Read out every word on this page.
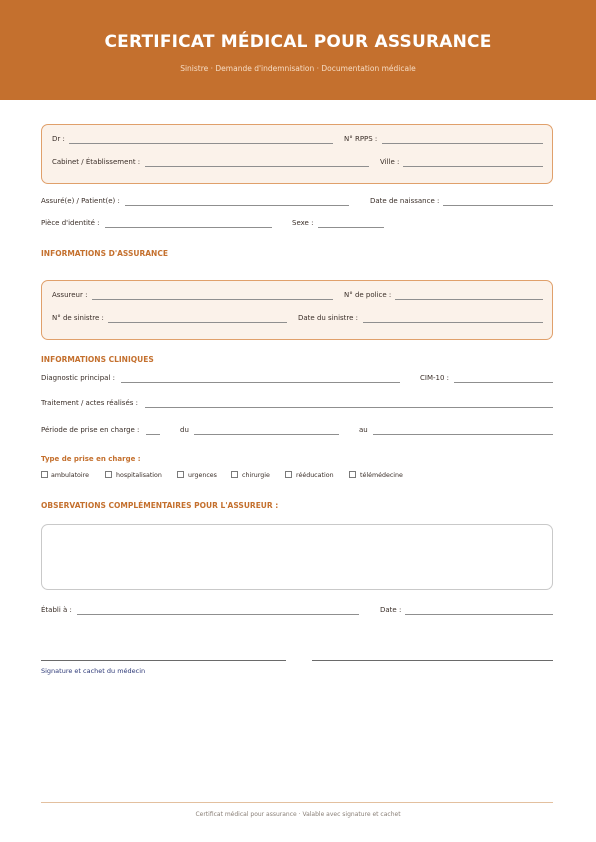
CERTIFICAT MÉDICAL POUR ASSURANCE
Sinistre · Demande d'indemnisation · Documentation médicale
Dr :	N° RPPS :
Cabinet / Établissement :	Ville :
Assuré(e) / Patient(e) :	Date de naissance :
Pièce d'identité :	Sexe :
INFORMATIONS D'ASSURANCE
Assureur :	N° de police :
N° de sinistre :	Date du sinistre :
INFORMATIONS CLINIQUES
Diagnostic principal :	CIM-10 :
Traitement / actes réalisés :
Période de prise en charge :	du	au
Type de prise en charge :
ambulatoire	hospitalisation	urgences	chirurgie	rééducation	télémédecine
OBSERVATIONS COMPLÉMENTAIRES POUR L'ASSUREUR :
Établi à :	Date :
Signature et cachet du médecin
Certificat médical pour assurance · Valable avec signature et cachet
